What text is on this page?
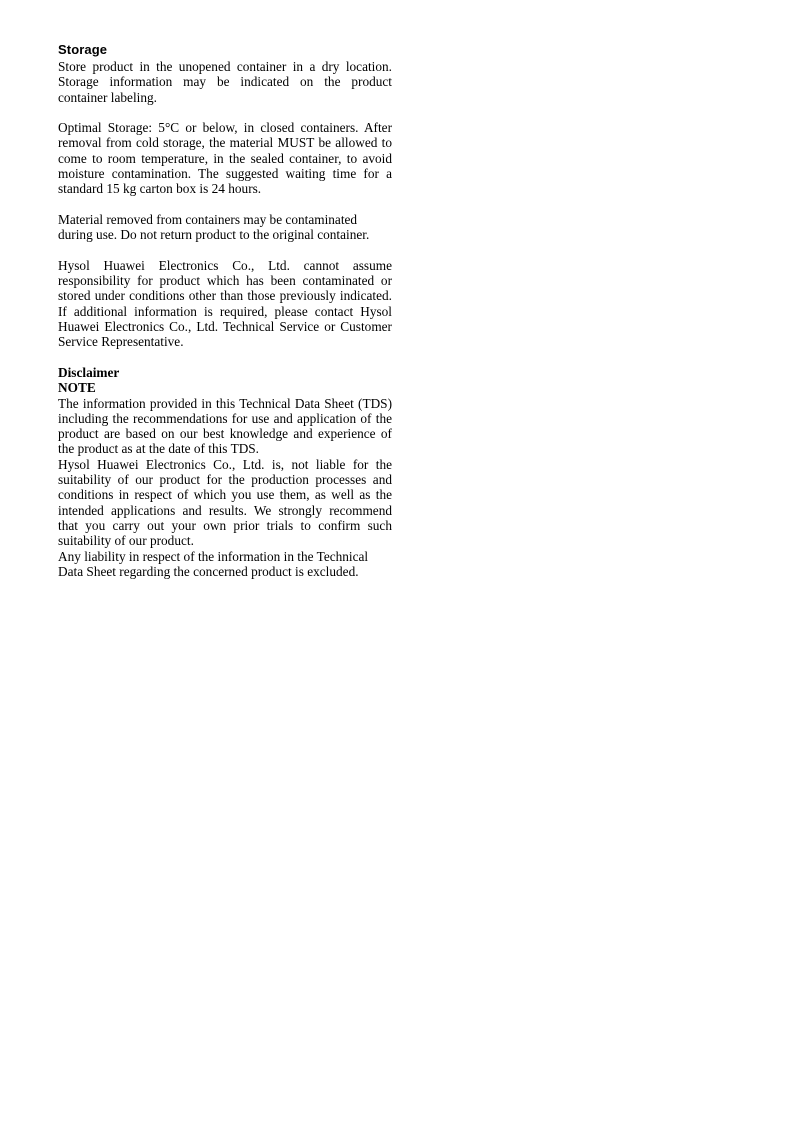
Storage
Store product in the unopened container in a dry location.
Storage information may be indicated on the product
container labeling.
Optimal Storage: 5°C or below, in closed containers. After
removal from cold storage, the material MUST be allowed to
come to room temperature, in the sealed container, to avoid
moisture contamination. The suggested waiting time for a
standard 15 kg carton box is 24 hours.
Material removed from containers may be contaminated
during use. Do not return product to the original container.
Hysol Huawei Electronics Co., Ltd. cannot assume
responsibility for product which has been contaminated or
stored under conditions other than those previously indicated.
If additional information is required, please contact Hysol
Huawei Electronics Co., Ltd. Technical Service or Customer
Service Representative.
Disclaimer
NOTE
The information provided in this Technical Data Sheet (TDS)
including the recommendations for use and application of the
product are based on our best knowledge and experience of
the product as at the date of this TDS.
Hysol Huawei Electronics Co., Ltd. is, not liable for the
suitability of our product for the production processes and
conditions in respect of which you use them, as well as the
intended applications and results. We strongly recommend
that you carry out your own prior trials to confirm such
suitability of our product.
Any liability in respect of the information in the Technical
Data Sheet regarding the concerned product is excluded.
